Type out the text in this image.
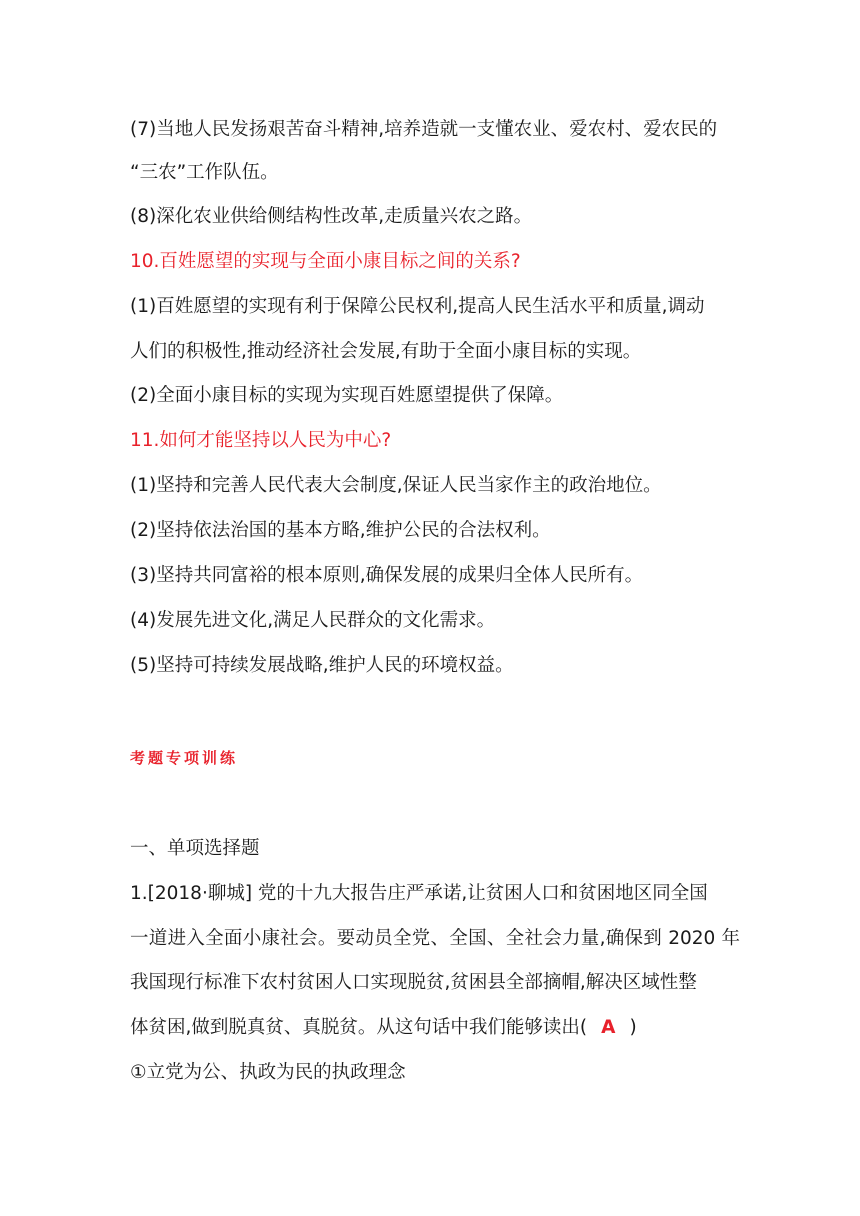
(7)当地人民发扬艰苦奋斗精神,培养造就一支懂农业、爱农村、爱农民的
“三农”工作队伍。
(8)深化农业供给侧结构性改革,走质量兴农之路。
10.百姓愿望的实现与全面小康目标之间的关系?
(1)百姓愿望的实现有利于保障公民权利,提高人民生活水平和质量,调动
人们的积极性,推动经济社会发展,有助于全面小康目标的实现。
(2)全面小康目标的实现为实现百姓愿望提供了保障。
11.如何才能坚持以人民为中心?
(1)坚持和完善人民代表大会制度,保证人民当家作主的政治地位。
(2)坚持依法治国的基本方略,维护公民的合法权利。
(3)坚持共同富裕的根本原则,确保发展的成果归全体人民所有。
(4)发展先进文化,满足人民群众的文化需求。
(5)坚持可持续发展战略,维护人民的环境权益。
考题专项训练
一、单项选择题
1.[2018·聊城] 党的十九大报告庄严承诺,让贫困人口和贫困地区同全国
一道进入全面小康社会。要动员全党、全国、全社会力量,确保到 2020 年
我国现行标准下农村贫困人口实现脱贫,贫困县全部摘帽,解决区域性整
体贫困,做到脱真贫、真脱贫。从这句话中我们能够读出( A )
①立党为公、执政为民的执政理念
